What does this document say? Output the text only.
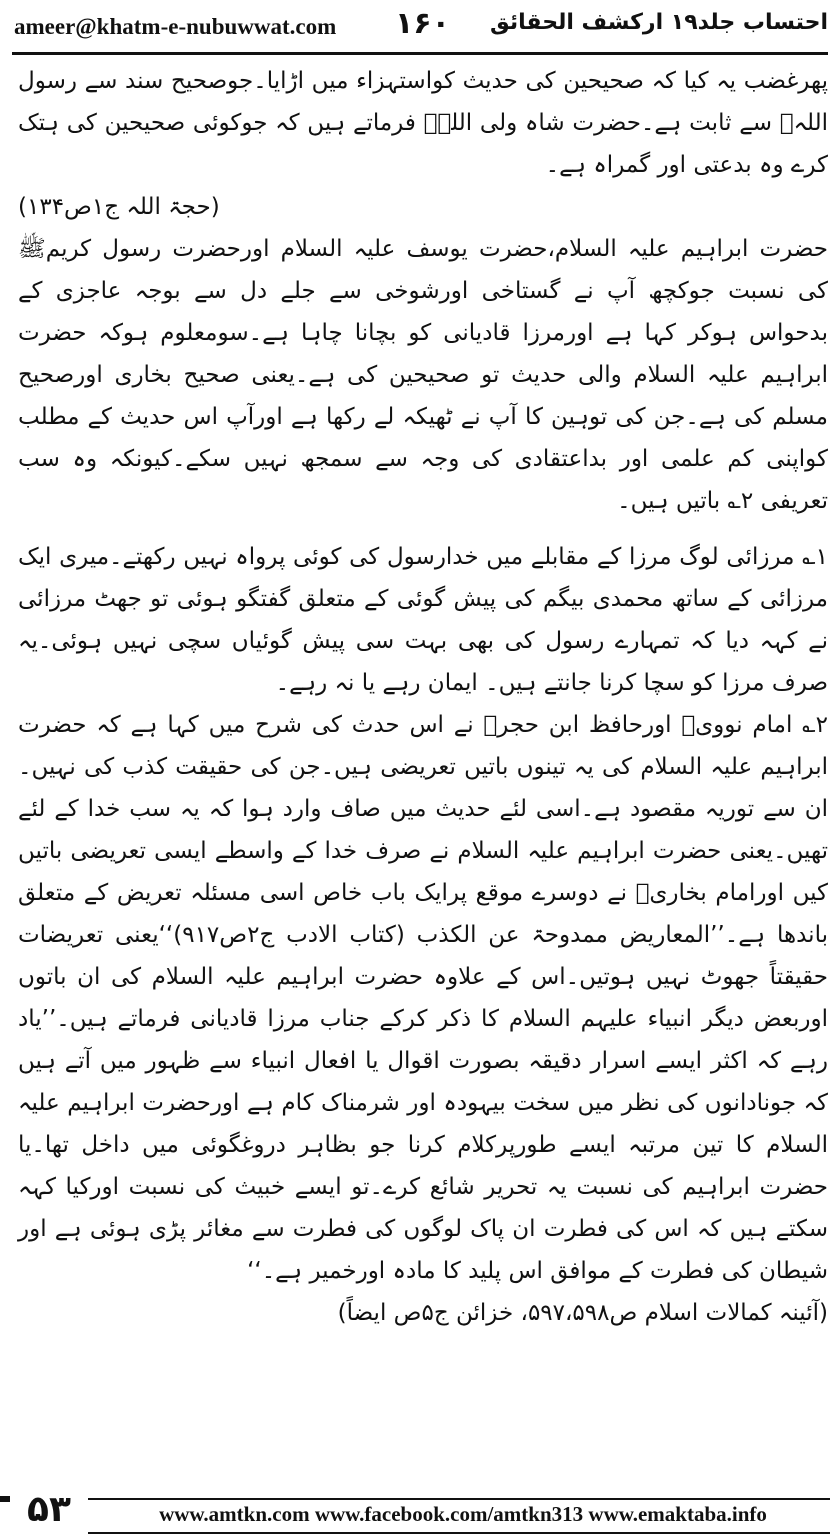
ameer@khatm-e-nubuwwat.com ۱۶۰ احتساب جلد۱۹ ارکشف الحقائق

پھرغضب یہ کیا کہ صحیحین کی حدیث کواستہزاء میں اڑایا۔جوصحیح سند سے رسول اللہﷺ سے ثابت ہے۔حضرت شاہ ولی اللہؒ فرماتے ہیں کہ جوکوئی صحیحین کی ہتک کرے وہ بدعتی اور گمراہ ہے۔

(حجۃ اللہ ج۱ص۱۳۴)

حضرت ابراہیم علیہ السلام،حضرت یوسف علیہ السلام اورحضرت رسول کریمﷺ کی نسبت جوکچھ آپ نے گستاخی اورشوخی سے جلے دل سے بوجہ عاجزی کے بدحواس ہوکر کہا ہے اورمرزا قادیانی کو بچانا چاہا ہے۔سومعلوم ہوکہ حضرت ابراہیم علیہ السلام والی حدیث تو صحیحین کی ہے۔یعنی صحیح بخاری اورصحیح مسلم کی ہے۔جن کی توہین کا آپ نے ٹھیکہ لے رکھا ہے اورآپ اس حدیث کے مطلب کواپنی کم علمی اور بداعتقادی کی وجہ سے سمجھ نہیں سکے۔کیونکہ وہ سب تعریفی ۲؎ باتیں ہیں۔

۱؎ مرزائی لوگ مرزا کے مقابلے میں خدارسول کی کوئی پرواہ نہیں رکھتے۔میری ایک مرزائی کے ساتھ محمدی بیگم کی پیش گوئی کے متعلق گفتگو ہوئی تو جھٹ مرزائی نے کہہ دیا کہ تمہارے رسول کی بھی بہت سی پیش گوئیاں سچی نہیں ہوئی۔یہ صرف مرزا کو سچا کرنا جانتے ہیں۔ ایمان رہے یا نہ رہے۔

۲؎ امام نوویؒ اورحافظ ابن حجرؒ نے اس حدث کی شرح میں کہا ہے کہ حضرت ابراہیم علیہ السلام کی یہ تینوں باتیں تعریضی ہیں۔جن کی حقیقت کذب کی نہیں۔ان سے توریہ مقصود ہے۔اسی لئے حدیث میں صاف وارد ہوا کہ یہ سب خدا کے لئے تھیں۔یعنی حضرت ابراہیم علیہ السلام نے صرف خدا کے واسطے ایسی تعریضی باتیں کیں اورامام بخاریؒ نے دوسرے موقع پرایک باب خاص اسی مسئلہ تعریض کے متعلق باندھا ہے۔’’المعاریض ممدوحۃ عن الکذب (کتاب الادب ج۲ص۹۱۷)‘‘یعنی تعریضات حقیقتاً جھوٹ نہیں ہوتیں۔اس کے علاوہ حضرت ابراہیم علیہ السلام کی ان باتوں اوربعض دیگر انبیاء علیہم السلام کا ذکر کرکے جناب مرزا قادیانی فرماتے ہیں۔’’یاد رہے کہ اکثر ایسے اسرار دقیقہ بصورت اقوال یا افعال انبیاء سے ظہور میں آتے ہیں کہ جونادانوں کی نظر میں سخت بیہودہ اور شرمناک کام ہے اورحضرت ابراہیم علیہ السلام کا تین مرتبہ ایسے طورپرکلام کرنا جو بظاہر دروغگوئی میں داخل تھا۔یا حضرت ابراہیم کی نسبت یہ تحریر شائع کرے۔تو ایسے خبیث کی نسبت اورکیا کہہ سکتے ہیں کہ اس کی فطرت ان پاک لوگوں کی فطرت سے مغائر پڑی ہوئی ہے اور شیطان کی فطرت کے موافق اس پلید کا مادہ اورخمیر ہے۔‘‘

(آئینہ کمالات اسلام ص۵۹۷،۵۹۸، خزائن ج۵ص ایضاً)
۵۳	www.amtkn.com www.facebook.com/amtkn313 www.emaktaba.info
